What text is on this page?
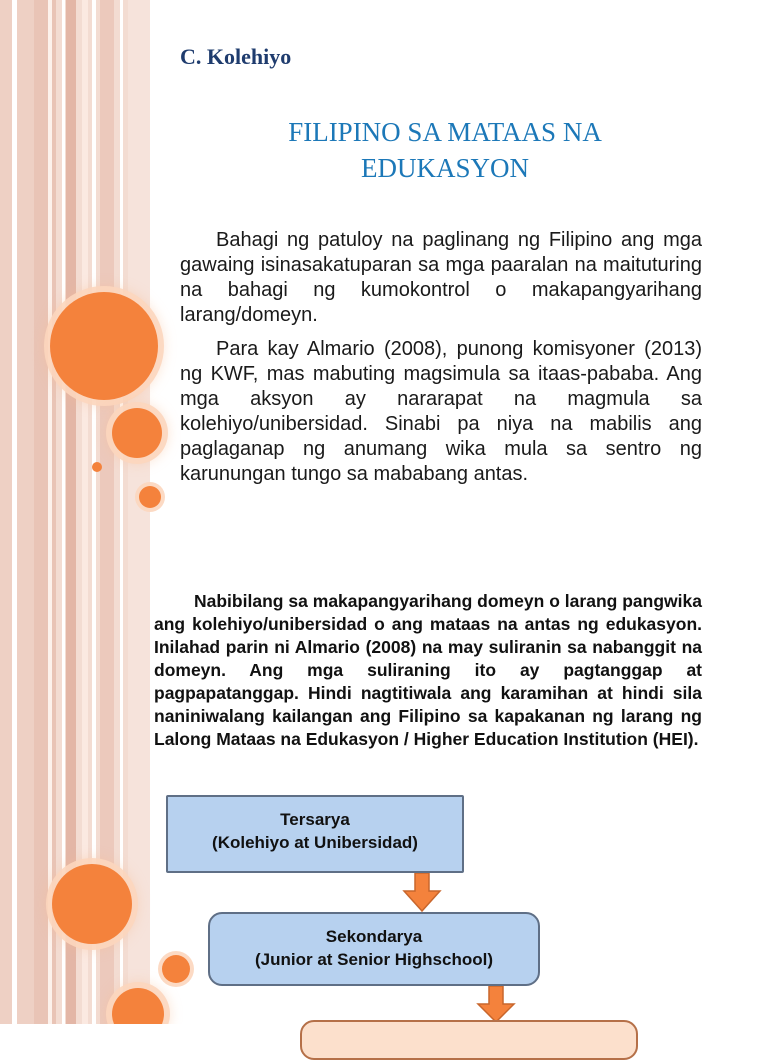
C. Kolehiyo
FILIPINO SA MATAAS NA
EDUKASYON

Bahagi ng patuloy na paglinang ng Filipino ang mga gawaing isinasakatuparan sa mga paaralan na maituturing na bahagi ng kumokontrol o makapangyarihang larang/domeyn.

Para kay Almario (2008), punong komisyoner (2013) ng KWF, mas mabuting magsimula sa itaas-pababa. Ang mga aksyon ay nararapat na magmula sa kolehiyo/unibersidad. Sinabi pa niya na mabilis ang paglaganap ng anumang wika mula sa sentro ng karunungan tungo sa mababang antas.

Nabibilang sa makapangyarihang domeyn o larang pangwika ang kolehiyo/unibersidad o ang mataas na antas ng edukasyon. Inilahad parin ni Almario (2008) na may suliranin sa nabanggit na domeyn. Ang mga suliraning ito ay pagtanggap at pagpapatanggap. Hindi nagtitiwala ang karamihan at hindi sila naniniwalang kailangan ang Filipino sa kapakanan ng larang ng Lalong Mataas na Edukasyon / Higher Education Institution (HEI).

Tersarya
(Kolehiyo at Unibersidad)
Sekondarya
(Junior at Senior Highschool)
